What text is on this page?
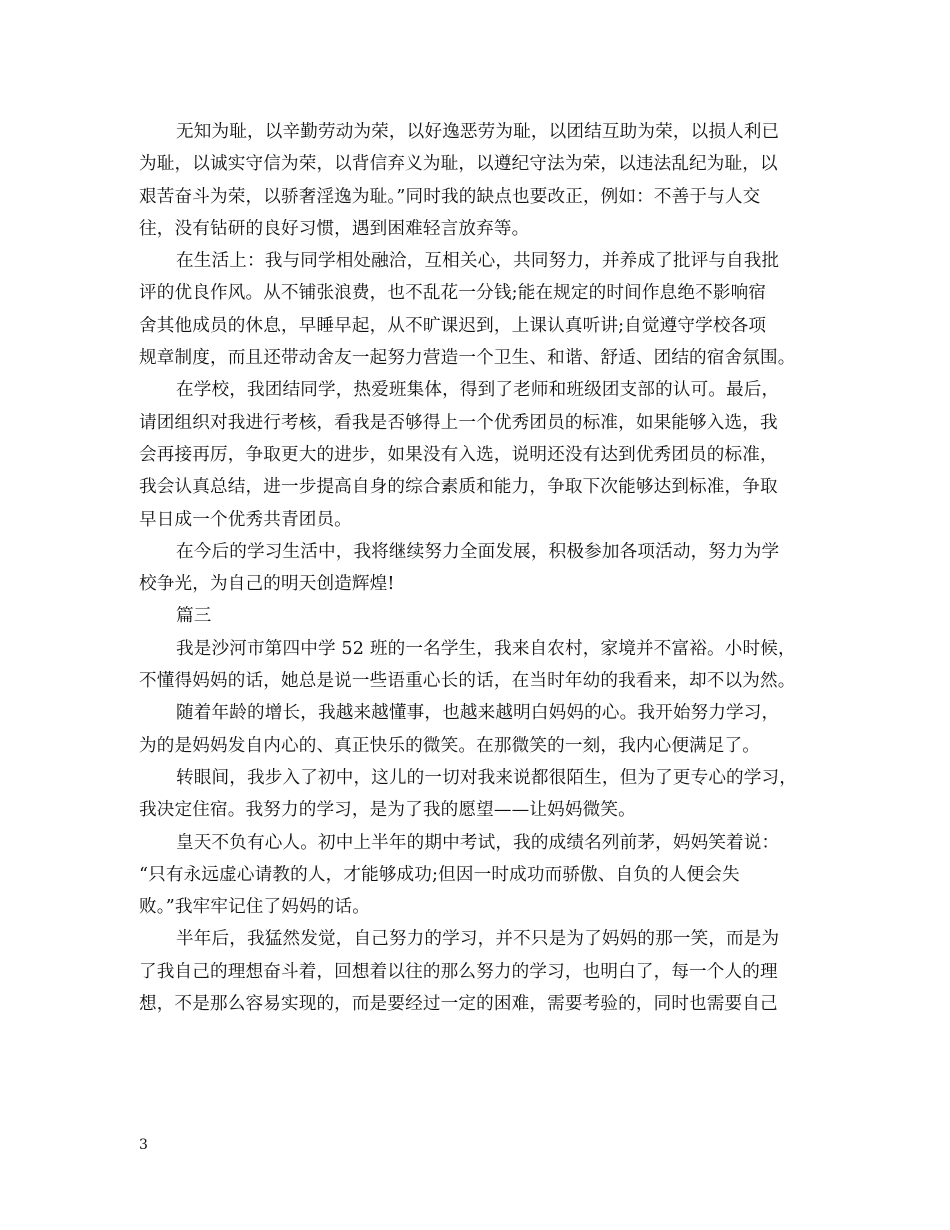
无知为耻，以辛勤劳动为荣，以好逸恶劳为耻，以团结互助为荣，以损人利已
为耻，以诚实守信为荣，以背信弃义为耻，以遵纪守法为荣，以违法乱纪为耻，以
艰苦奋斗为荣，以骄奢淫逸为耻。”同时我的缺点也要改正，例如：不善于与人交
往，没有钻研的良好习惯，遇到困难轻言放弃等。
在生活上：我与同学相处融洽，互相关心，共同努力，并养成了批评与自我批
评的优良作风。从不铺张浪费，也不乱花一分钱;能在规定的时间作息绝不影响宿
舍其他成员的休息，早睡早起，从不旷课迟到，上课认真听讲;自觉遵守学校各项
规章制度，而且还带动舍友一起努力营造一个卫生、和谐、舒适、团结的宿舍氛围。
在学校，我团结同学，热爱班集体，得到了老师和班级团支部的认可。最后，
请团组织对我进行考核，看我是否够得上一个优秀团员的标准，如果能够入选，我
会再接再厉，争取更大的进步，如果没有入选，说明还没有达到优秀团员的标准，
我会认真总结，进一步提高自身的综合素质和能力，争取下次能够达到标准，争取
早日成一个优秀共青团员。
在今后的学习生活中，我将继续努力全面发展，积极参加各项活动，努力为学
校争光，为自己的明天创造辉煌!
篇三
我是沙河市第四中学 52 班的一名学生，我来自农村，家境并不富裕。小时候，
不懂得妈妈的话，她总是说一些语重心长的话，在当时年幼的我看来，却不以为然。
随着年龄的增长，我越来越懂事，也越来越明白妈妈的心。我开始努力学习，
为的是妈妈发自内心的、真正快乐的微笑。在那微笑的一刻，我内心便满足了。
转眼间，我步入了初中，这儿的一切对我来说都很陌生，但为了更专心的学习，
我决定住宿。我努力的学习，是为了我的愿望——让妈妈微笑。
皇天不负有心人。初中上半年的期中考试，我的成绩名列前茅，妈妈笑着说：
“只有永远虚心请教的人，才能够成功;但因一时成功而骄傲、自负的人便会失
败。”我牢牢记住了妈妈的话。
半年后，我猛然发觉，自己努力的学习，并不只是为了妈妈的那一笑，而是为
了我自己的理想奋斗着，回想着以往的那么努力的学习，也明白了，每一个人的理
想，不是那么容易实现的，而是要经过一定的困难，需要考验的，同时也需要自己
3
